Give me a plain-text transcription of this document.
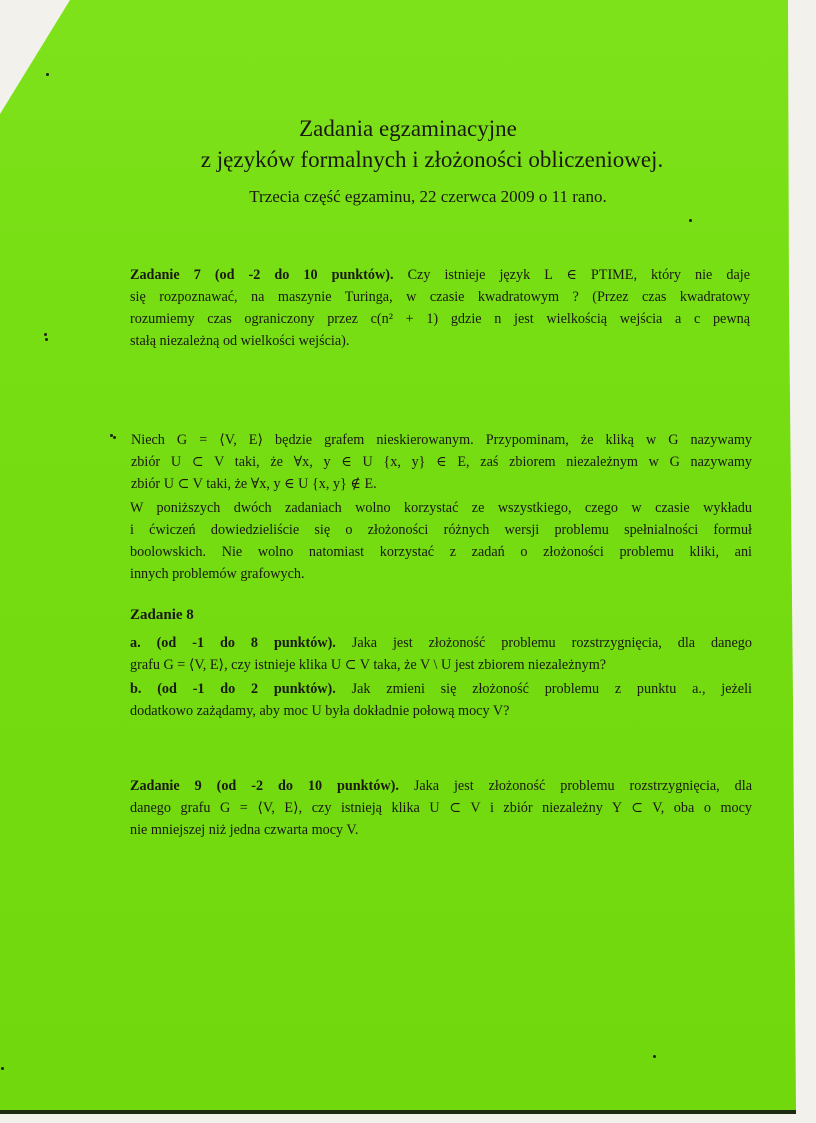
Zadania egzaminacyjne
z języków formalnych i złożoności obliczeniowej.
Trzecia część egzaminu, 22 czerwca 2009 o 11 rano.
Zadanie 7 (od -2 do 10 punktów). Czy istnieje język L ∈ PTIME, który nie daje
się rozpoznawać, na maszynie Turinga, w czasie kwadratowym ? (Przez czas kwadratowy
rozumiemy czas ograniczony przez c(n² + 1) gdzie n jest wielkością wejścia a c pewną
stałą niezależną od wielkości wejścia).
Niech G = ⟨V, E⟩ będzie grafem nieskierowanym. Przypominam, że kliką w G nazywamy
zbiór U ⊂ V taki, że ∀x, y ∈ U {x, y} ∈ E, zaś zbiorem niezależnym w G nazywamy
zbiór U ⊂ V taki, że ∀x, y ∈ U {x, y} ∉ E.
W poniższych dwóch zadaniach wolno korzystać ze wszystkiego, czego w czasie wykładu
i ćwiczeń dowiedzieliście się o złożoności różnych wersji problemu spełnialności formuł
boolowskich. Nie wolno natomiast korzystać z zadań o złożoności problemu kliki, ani
innych problemów grafowych.
Zadanie 8
a. (od -1 do 8 punktów). Jaka jest złożoność problemu rozstrzygnięcia, dla danego
grafu G = ⟨V, E⟩, czy istnieje klika U ⊂ V taka, że V \ U jest zbiorem niezależnym?
b. (od -1 do 2 punktów). Jak zmieni się złożoność problemu z punktu a., jeżeli
dodatkowo zażądamy, aby moc U była dokładnie połową mocy V?
Zadanie 9 (od -2 do 10 punktów). Jaka jest złożoność problemu rozstrzygnięcia, dla
danego grafu G = ⟨V, E⟩, czy istnieją klika U ⊂ V i zbiór niezależny Y ⊂ V, oba o mocy
nie mniejszej niż jedna czwarta mocy V.
